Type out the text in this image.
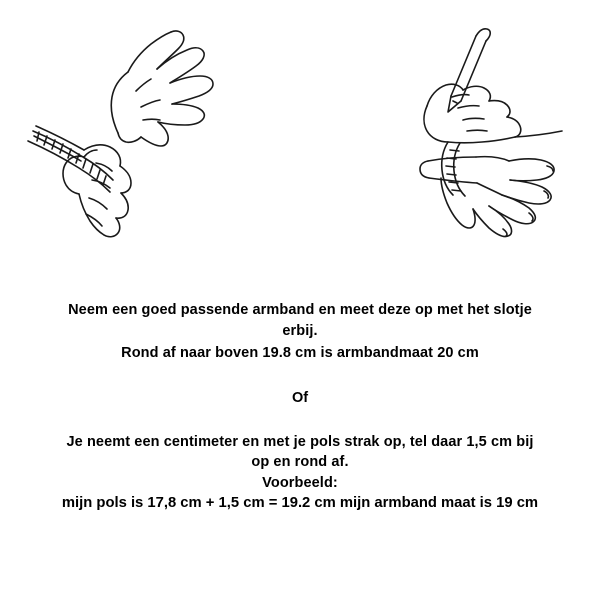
Neem een goed passende armband en meet deze op met het slotje
erbij.
Rond af naar boven 19.8 cm is armbandmaat 20 cm
Of
Je neemt een centimeter en met je pols strak op, tel daar 1,5 cm bij
op en rond af.
Voorbeeld:
mijn pols is 17,8 cm + 1,5 cm = 19.2 cm mijn armband maat is 19 cm
